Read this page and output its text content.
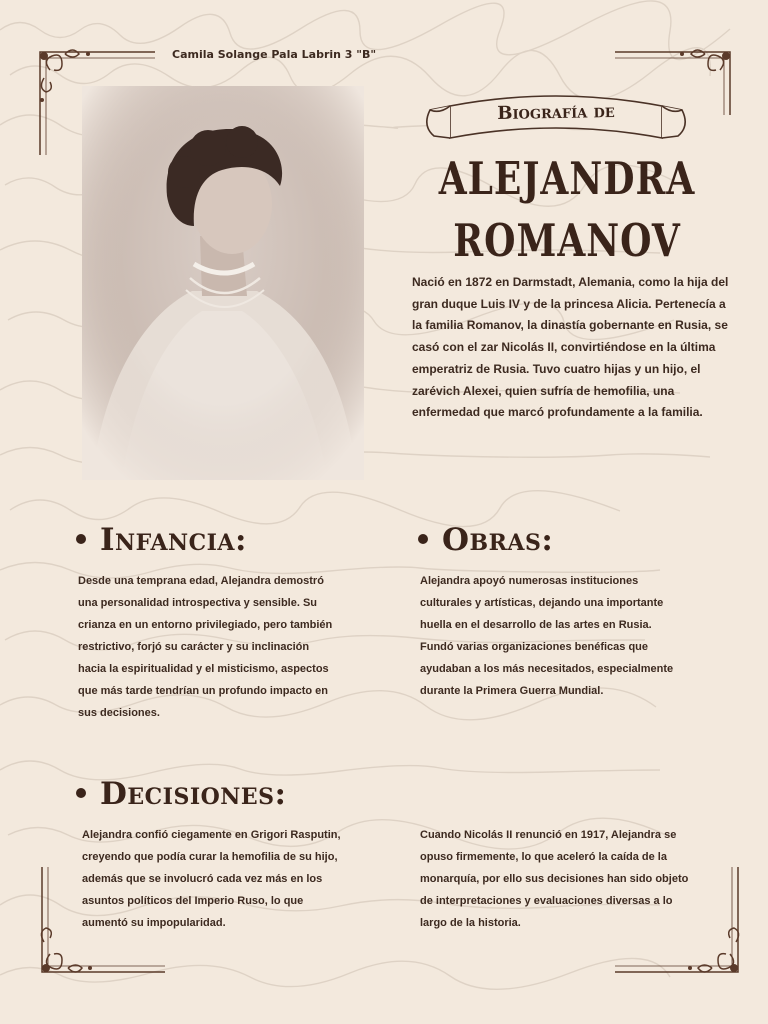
Camila Solange Pala Labrin 3 "B"
Biografía de
ALEJANDRA
ROMANOV
Nació en 1872 en Darmstadt, Alemania, como la hija del gran duque Luis IV y de la princesa Alicia. Pertenecía a la familia Romanov, la dinastía gobernante en Rusia, se casó con el zar Nicolás II, convirtiéndose en la última emperatriz de Rusia. Tuvo cuatro hijas y un hijo, el zarévich Alexei, quien sufría de hemofilia, una enfermedad que marcó profundamente a la familia.
Infancia:
Desde una temprana edad, Alejandra demostró una personalidad introspectiva y sensible. Su crianza en un entorno privilegiado, pero también restrictivo, forjó su carácter y su inclinación hacia la espiritualidad y el misticismo, aspectos que más tarde tendrían un profundo impacto en sus decisiones.
Obras:
Alejandra apoyó numerosas instituciones culturales y artísticas, dejando una importante huella en el desarrollo de las artes en Rusia. Fundó varias organizaciones benéficas que ayudaban a los más necesitados, especialmente durante la Primera Guerra Mundial.
Decisiones:
Alejandra confió ciegamente en Grigori Rasputin, creyendo que podía curar la hemofilia de su hijo, además que se involucró cada vez más en los asuntos políticos del Imperio Ruso, lo que aumentó su impopularidad.
Cuando Nicolás II renunció en 1917, Alejandra se opuso firmemente, lo que aceleró la caída de la monarquía, por ello sus decisiones han sido objeto de interpretaciones y evaluaciones diversas a lo largo de la historia.
